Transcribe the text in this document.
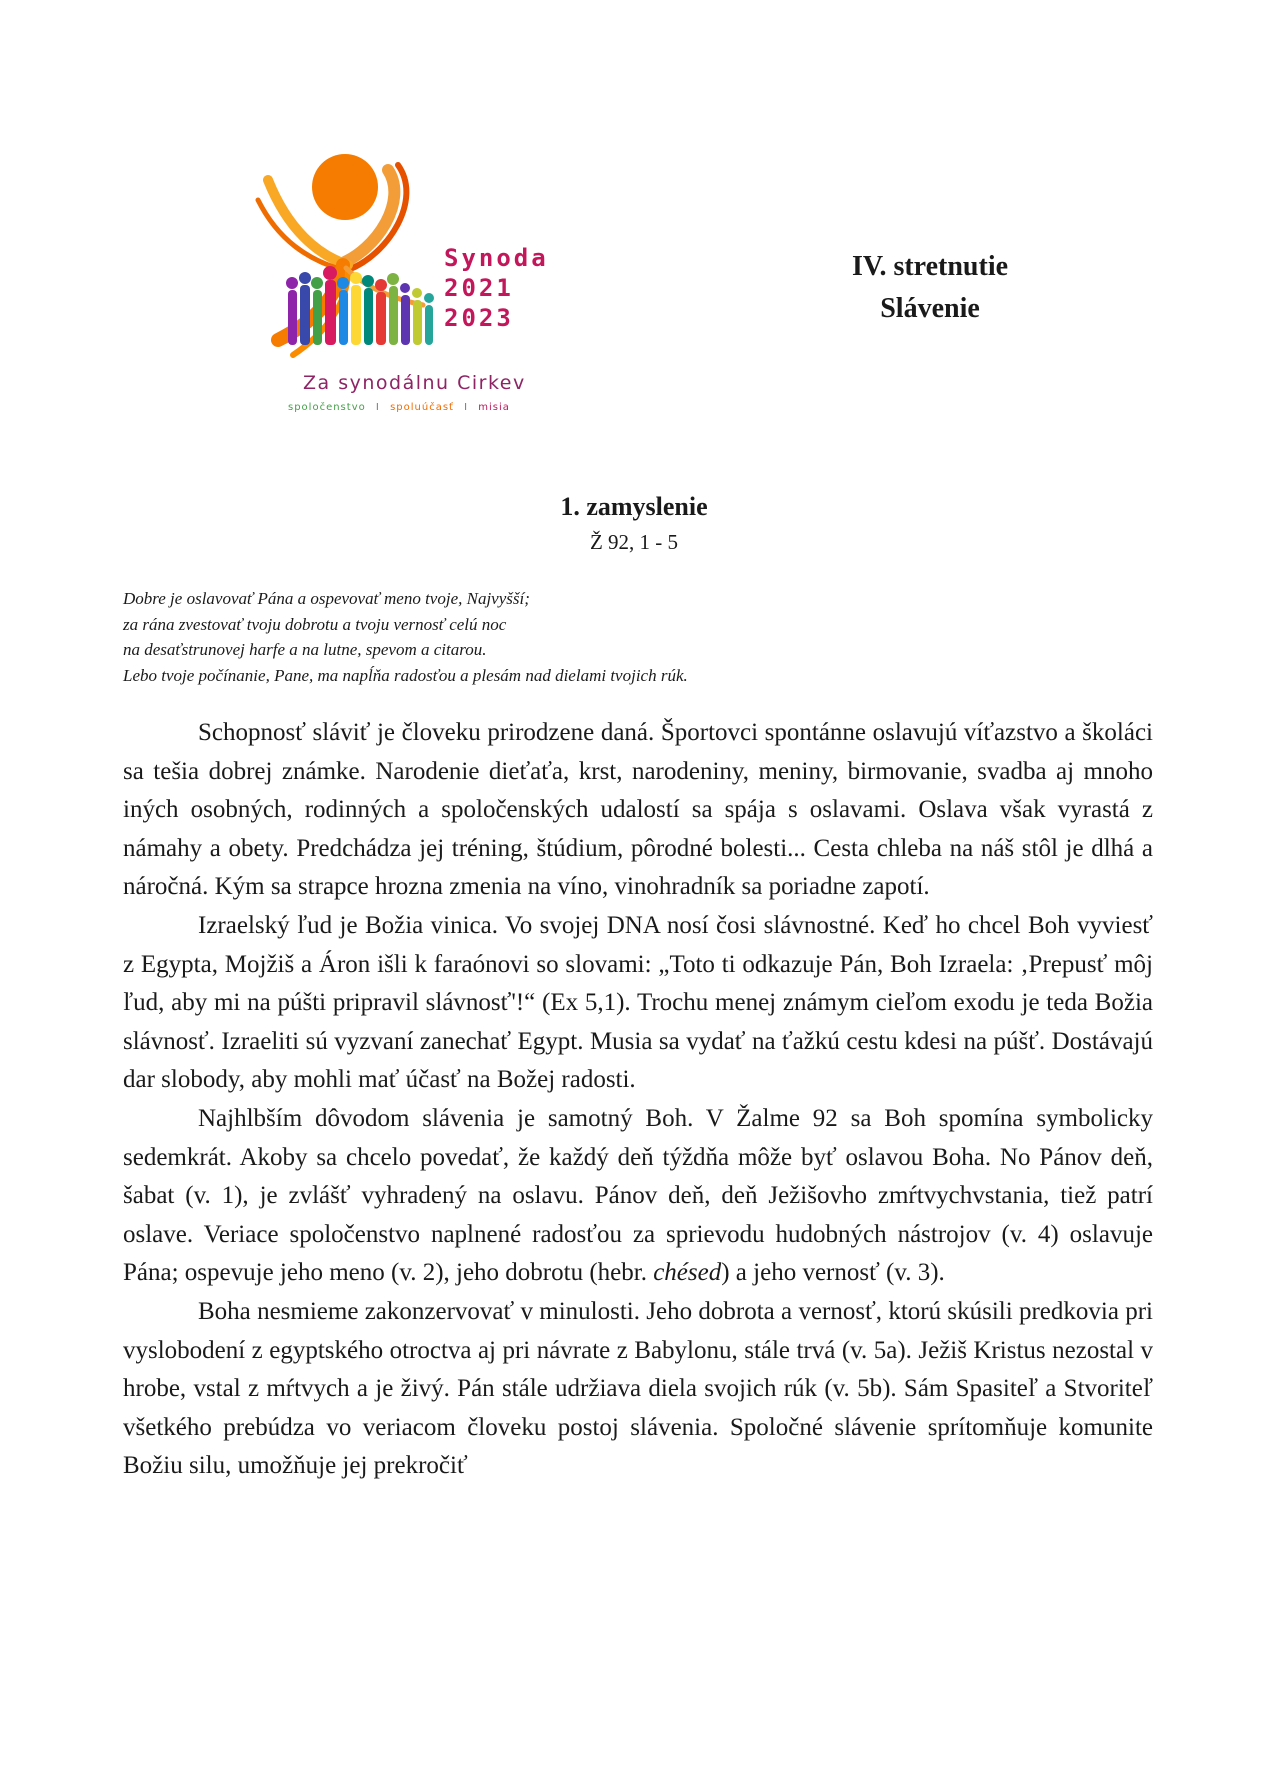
Synoda
2021
2023
Za synodálnu Cirkev
spoločenstvo I spoluúčasť I misia
IV. stretnutie
Slávenie
1. zamyslenie
Ž 92, 1 - 5
Dobre je oslavovať Pána a ospevovať meno tvoje, Najvyšší;
za rána zvestovať tvoju dobrotu a tvoju vernosť celú noc
na desaťstrunovej harfe a na lutne, spevom a citarou.
Lebo tvoje počínanie, Pane, ma napĺňa radosťou a plesám nad dielami tvojich rúk.

Schopnosť sláviť je človeku prirodzene daná. Športovci spontánne oslavujú víťazstvo a školáci sa tešia dobrej známke. Narodenie dieťaťa, krst, narodeniny, meniny, birmovanie, svadba aj mnoho iných osobných, rodinných a spoločenských udalostí sa spája s oslavami. Oslava však vyrastá z námahy a obety. Predchádza jej tréning, štúdium, pôrodné bolesti... Cesta chleba na náš stôl je dlhá a náročná. Kým sa strapce hrozna zmenia na víno, vinohradník sa poriadne zapotí.

Izraelský ľud je Božia vinica. Vo svojej DNA nosí čosi slávnostné. Keď ho chcel Boh vyviesť z Egypta, Mojžiš a Áron išli k faraónovi so slovami: „Toto ti odkazuje Pán, Boh Izraela: ‚Prepusť môj ľud, aby mi na púšti pripravil slávnosť'!“ (Ex 5,1). Trochu menej známym cieľom exodu je teda Božia slávnosť. Izraeliti sú vyzvaní zanechať Egypt. Musia sa vydať na ťažkú cestu kdesi na púšť. Dostávajú dar slobody, aby mohli mať účasť na Božej radosti.

Najhlbším dôvodom slávenia je samotný Boh. V Žalme 92 sa Boh spomína symbolicky sedemkrát. Akoby sa chcelo povedať, že každý deň týždňa môže byť oslavou Boha. No Pánov deň, šabat (v. 1), je zvlášť vyhradený na oslavu. Pánov deň, deň Ježišovho zmŕtvychvstania, tiež patrí oslave. Veriace spoločenstvo naplnené radosťou za sprievodu hudobných nástrojov (v. 4) oslavuje Pána; ospevuje jeho meno (v. 2), jeho dobrotu (hebr. chésed) a jeho vernosť (v. 3).

Boha nesmieme zakonzervovať v minulosti. Jeho dobrota a vernosť, ktorú skúsili predkovia pri vyslobodení z egyptského otroctva aj pri návrate z Babylonu, stále trvá (v. 5a). Ježiš Kristus nezostal v hrobe, vstal z mŕtvych a je živý. Pán stále udržiava diela svojich rúk (v. 5b). Sám Spasiteľ a Stvoriteľ všetkého prebúdza vo veriacom človeku postoj slávenia. Spoločné slávenie sprítomňuje komunite Božiu silu, umožňuje jej prekročiť
